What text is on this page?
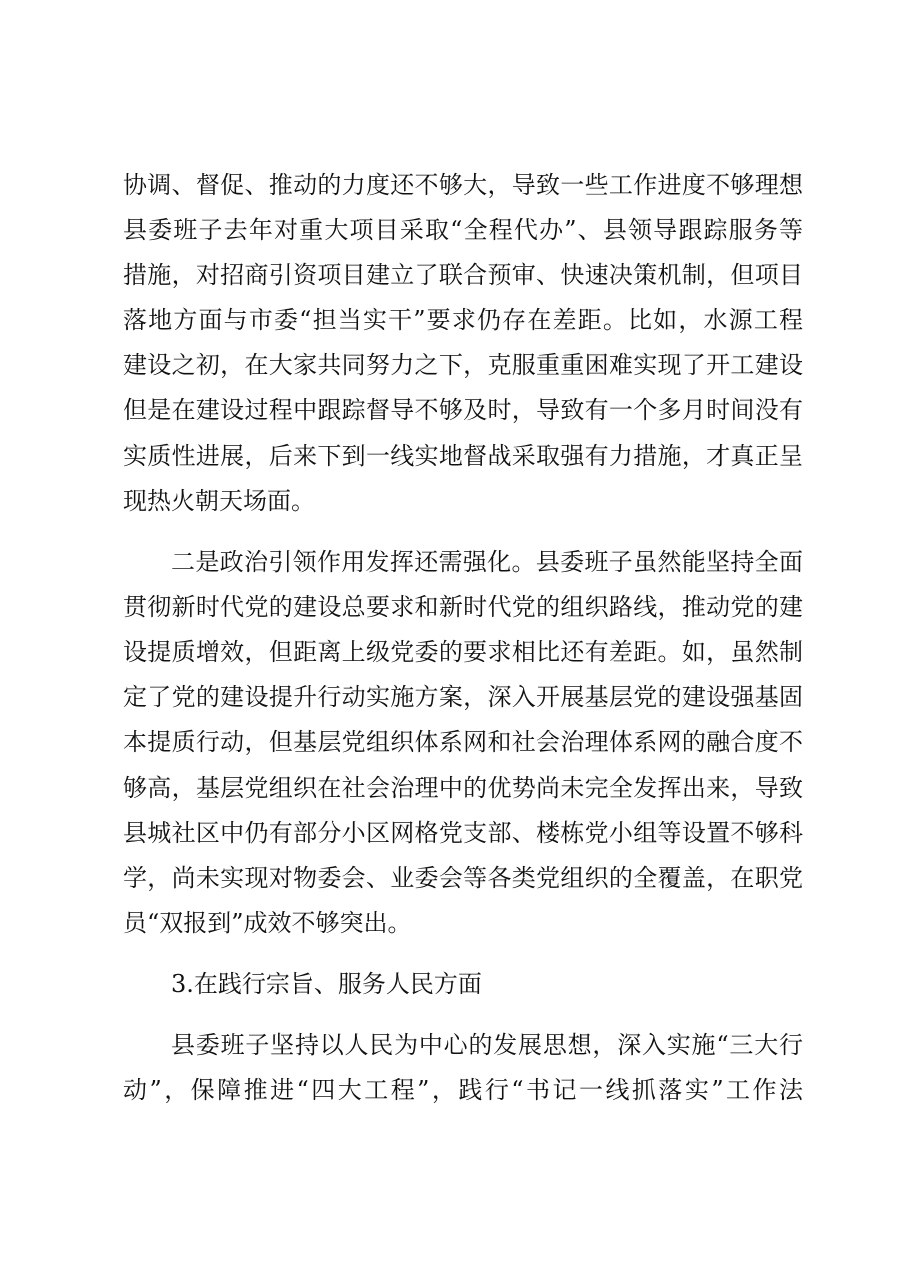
协调、督促、推动的力度还不够大，导致一些工作进度不够理想
县委班子去年对重大项目采取“全程代办”、县领导跟踪服务等
措施，对招商引资项目建立了联合预审、快速决策机制，但项目
落地方面与市委“担当实干”要求仍存在差距。比如，水源工程
建设之初，在大家共同努力之下，克服重重困难实现了开工建设
但是在建设过程中跟踪督导不够及时，导致有一个多月时间没有
实质性进展，后来下到一线实地督战采取强有力措施，才真正呈
现热火朝天场面。
二是政治引领作用发挥还需强化。县委班子虽然能坚持全面
贯彻新时代党的建设总要求和新时代党的组织路线，推动党的建
设提质增效，但距离上级党委的要求相比还有差距。如，虽然制
定了党的建设提升行动实施方案，深入开展基层党的建设强基固
本提质行动，但基层党组织体系网和社会治理体系网的融合度不
够高，基层党组织在社会治理中的优势尚未完全发挥出来，导致
县城社区中仍有部分小区网格党支部、楼栋党小组等设置不够科
学，尚未实现对物委会、业委会等各类党组织的全覆盖，在职党
员“双报到”成效不够突出。
3.在践行宗旨、服务人民方面
县委班子坚持以人民为中心的发展思想，深入实施“三大行
动”，保障推进“四大工程”，践行“书记一线抓落实”工作法
